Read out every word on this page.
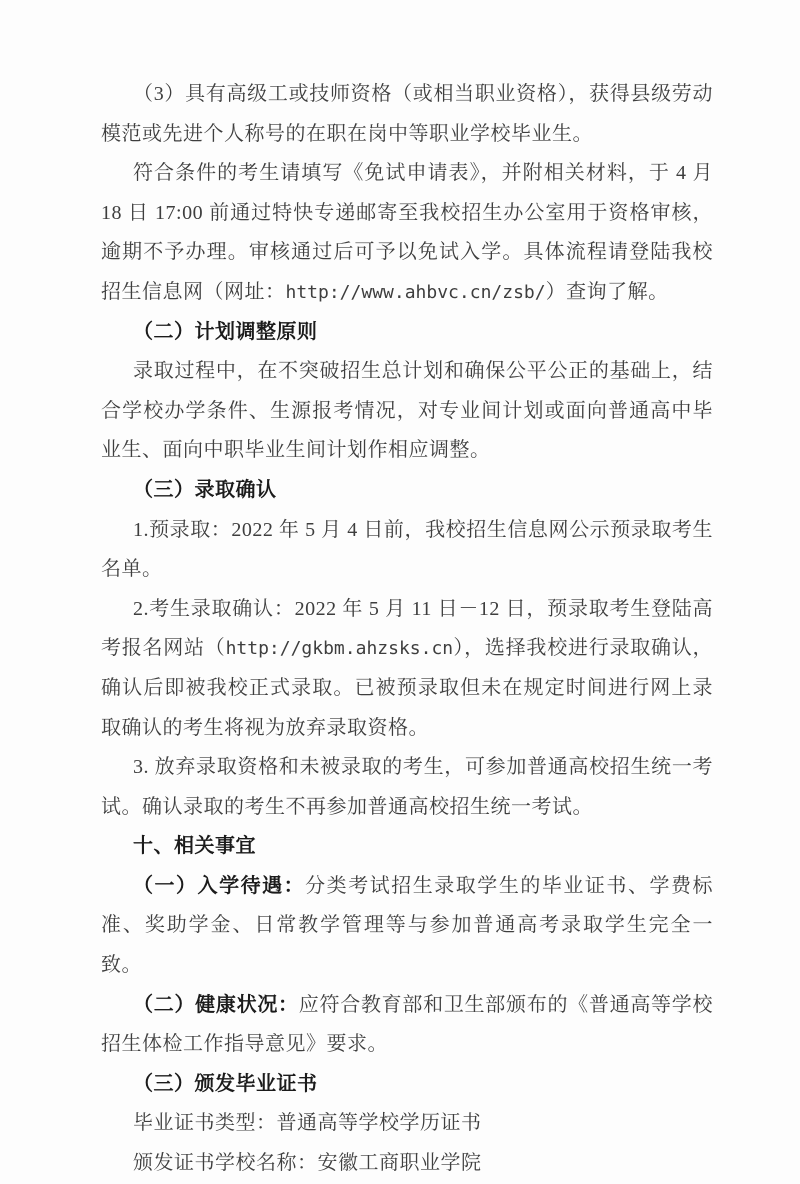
（3）具有高级工或技师资格（或相当职业资格），获得县级劳动模范或先进个人称号的在职在岗中等职业学校毕业生。

符合条件的考生请填写《免试申请表》，并附相关材料，于 4 月 18 日 17:00 前通过特快专递邮寄至我校招生办公室用于资格审核，逾期不予办理。审核通过后可予以免试入学。具体流程请登陆我校招生信息网（网址：http://www.ahbvc.cn/zsb/）查询了解。

（二）计划调整原则

录取过程中，在不突破招生总计划和确保公平公正的基础上，结合学校办学条件、生源报考情况，对专业间计划或面向普通高中毕业生、面向中职毕业生间计划作相应调整。

（三）录取确认

1.预录取：2022 年 5 月 4 日前，我校招生信息网公示预录取考生名单。

2.考生录取确认：2022 年 5 月 11 日－12 日，预录取考生登陆高考报名网站（http://gkbm.ahzsks.cn），选择我校进行录取确认，确认后即被我校正式录取。已被预录取但未在规定时间进行网上录取确认的考生将视为放弃录取资格。

3. 放弃录取资格和未被录取的考生，可参加普通高校招生统一考试。确认录取的考生不再参加普通高校招生统一考试。

十、相关事宜

（一）入学待遇：分类考试招生录取学生的毕业证书、学费标准、奖助学金、日常教学管理等与参加普通高考录取学生完全一致。

（二）健康状况：应符合教育部和卫生部颁布的《普通高等学校招生体检工作指导意见》要求。

（三）颁发毕业证书

毕业证书类型：普通高等学校学历证书

颁发证书学校名称：安徽工商职业学院
